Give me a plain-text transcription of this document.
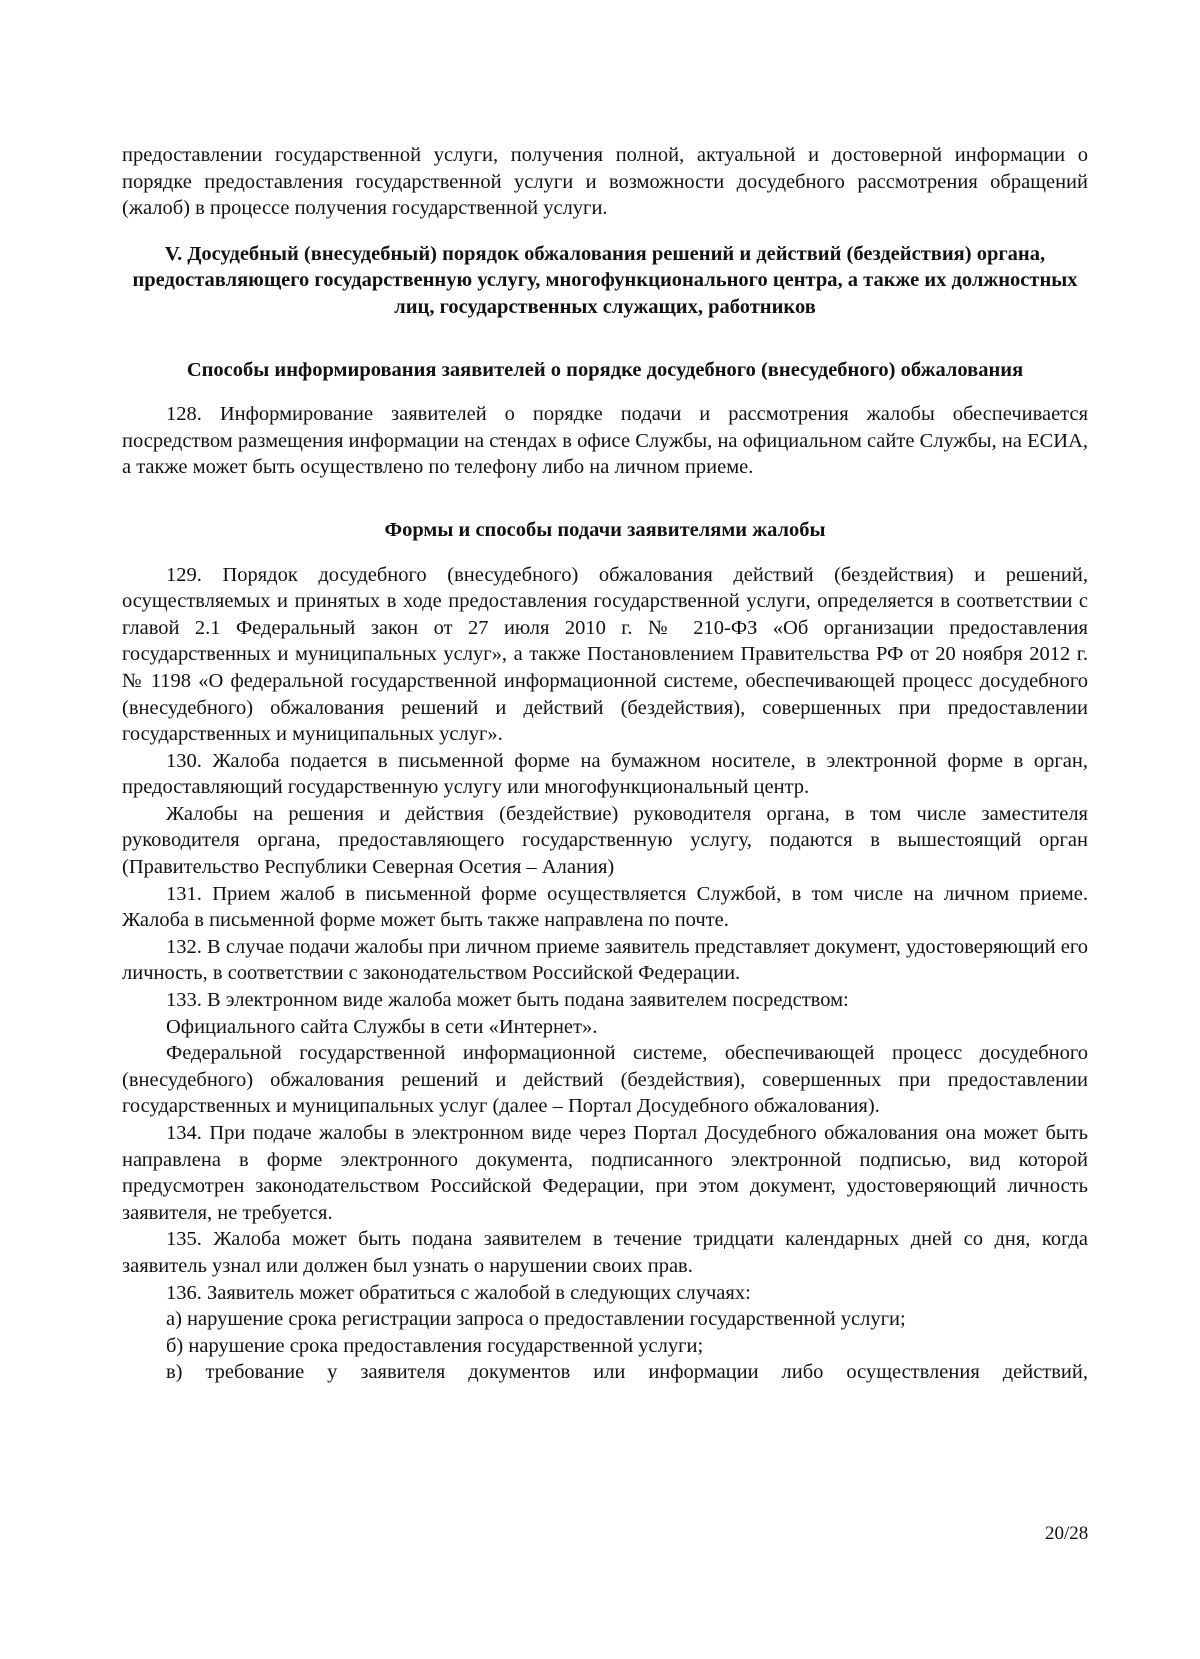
предоставлении государственной услуги, получения полной, актуальной и достоверной информации о порядке предоставления государственной услуги и возможности досудебного рассмотрения обращений (жалоб) в процессе получения государственной услуги.

V. Досудебный (внесудебный) порядок обжалования решений и действий (бездействия) органа, предоставляющего государственную услугу, многофункционального центра, а также их должностных лиц, государственных служащих, работников
Способы информирования заявителей о порядке досудебного (внесудебного) обжалования

128. Информирование заявителей о порядке подачи и рассмотрения жалобы обеспечивается посредством размещения информации на стендах в офисе Службы, на официальном сайте Службы, на ЕСИА, а также может быть осуществлено по телефону либо на личном приеме.

Формы и способы подачи заявителями жалобы

129. Порядок досудебного (внесудебного) обжалования действий (бездействия) и решений, осуществляемых и принятых в ходе предоставления государственной услуги, определяется в соответствии с главой 2.1 Федеральный закон от 27 июля 2010 г. № 210-ФЗ «Об организации предоставления государственных и муниципальных услуг», а также Постановлением Правительства РФ от 20 ноября 2012 г. № 1198 «О федеральной государственной информационной системе, обеспечивающей процесс досудебного (внесудебного) обжалования решений и действий (бездействия), совершенных при предоставлении государственных и муниципальных услуг».

130. Жалоба подается в письменной форме на бумажном носителе, в электронной форме в орган, предоставляющий государственную услугу или многофункциональный центр.

Жалобы на решения и действия (бездействие) руководителя органа, в том числе заместителя руководителя органа, предоставляющего государственную услугу, подаются в вышестоящий орган (Правительство Республики Северная Осетия – Алания)

131. Прием жалоб в письменной форме осуществляется Службой, в том числе на личном приеме. Жалоба в письменной форме может быть также направлена по почте.

132. В случае подачи жалобы при личном приеме заявитель представляет документ, удостоверяющий его личность, в соответствии с законодательством Российской Федерации.

133. В электронном виде жалоба может быть подана заявителем посредством:

Официального сайта Службы в сети «Интернет».

Федеральной государственной информационной системе, обеспечивающей процесс досудебного (внесудебного) обжалования решений и действий (бездействия), совершенных при предоставлении государственных и муниципальных услуг (далее – Портал Досудебного обжалования).

134. При подаче жалобы в электронном виде через Портал Досудебного обжалования она может быть направлена в форме электронного документа, подписанного электронной подписью, вид которой предусмотрен законодательством Российской Федерации, при этом документ, удостоверяющий личность заявителя, не требуется.

135. Жалоба может быть подана заявителем в течение тридцати календарных дней со дня, когда заявитель узнал или должен был узнать о нарушении своих прав.

136. Заявитель может обратиться с жалобой в следующих случаях:

а) нарушение срока регистрации запроса о предоставлении государственной услуги;

б) нарушение срока предоставления государственной услуги;

в) требование у заявителя документов или информации либо осуществления действий,

20/28
